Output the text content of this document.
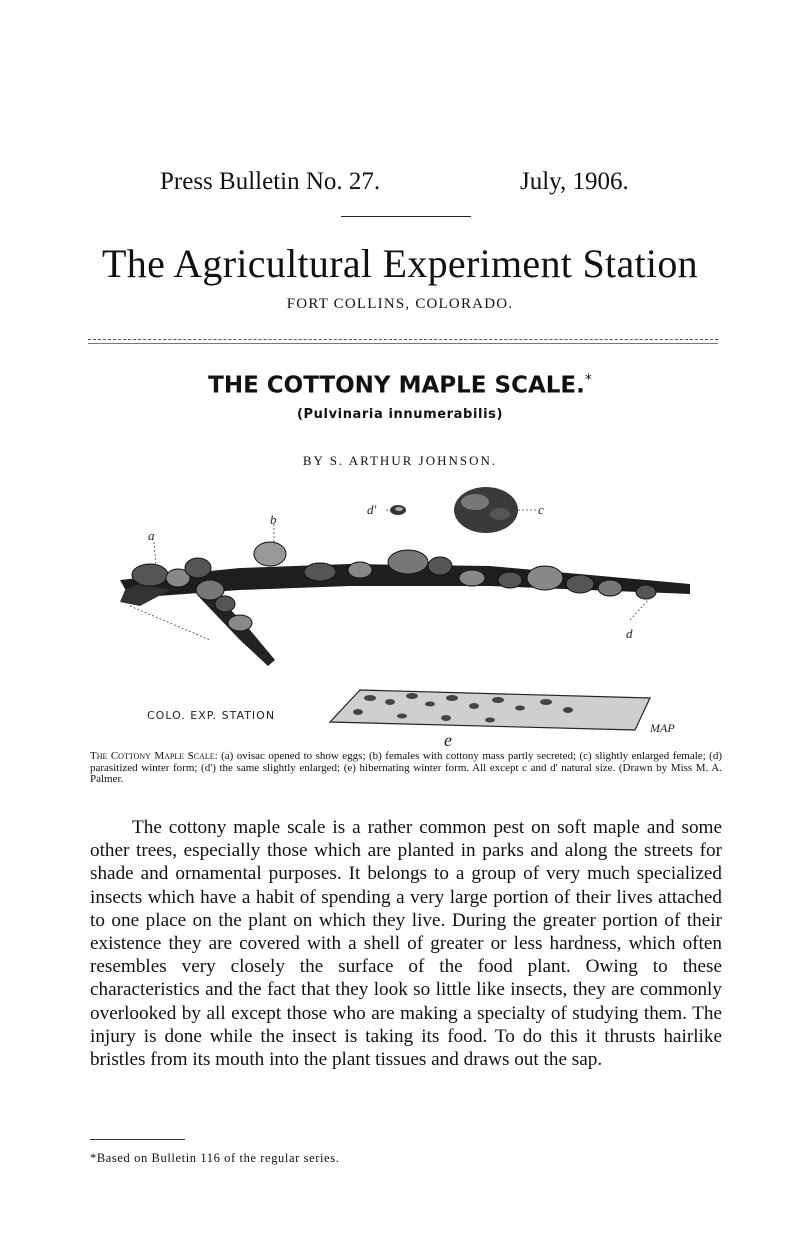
Press Bulletin No. 27.	July, 1906.
The Agricultural Experiment Station
FORT COLLINS, COLORADO.
THE COTTONY MAPLE SCALE.*
(Pulvinaria innumerabilis)
BY S. ARTHUR JOHNSON.
a
b
d'	c
d
COLO. EXP. STATION
e
MAP
The Cottony Maple Scale: (a) ovisac opened to show eggs; (b) females with cottony mass partly secreted; (c) slightly enlarged female; (d) parasitized winter form; (d') the same slightly enlarged; (e) hibernating winter form. All except c and d' natural size. (Drawn by Miss M. A. Palmer.

The cottony maple scale is a rather common pest on soft maple and some other trees, especially those which are planted in parks and along the streets for shade and ornamental purposes. It belongs to a group of very much specialized insects which have a habit of spending a very large portion of their lives attached to one place on the plant on which they live. During the greater portion of their existence they are covered with a shell of greater or less hardness, which often resembles very closely the surface of the food plant. Owing to these characteristics and the fact that they look so little like insects, they are commonly overlooked by all except those who are making a specialty of studying them. The injury is done while the insect is taking its food. To do this it thrusts hairlike bristles from its mouth into the plant tissues and draws out the sap.

*Based on Bulletin 116 of the regular series.
